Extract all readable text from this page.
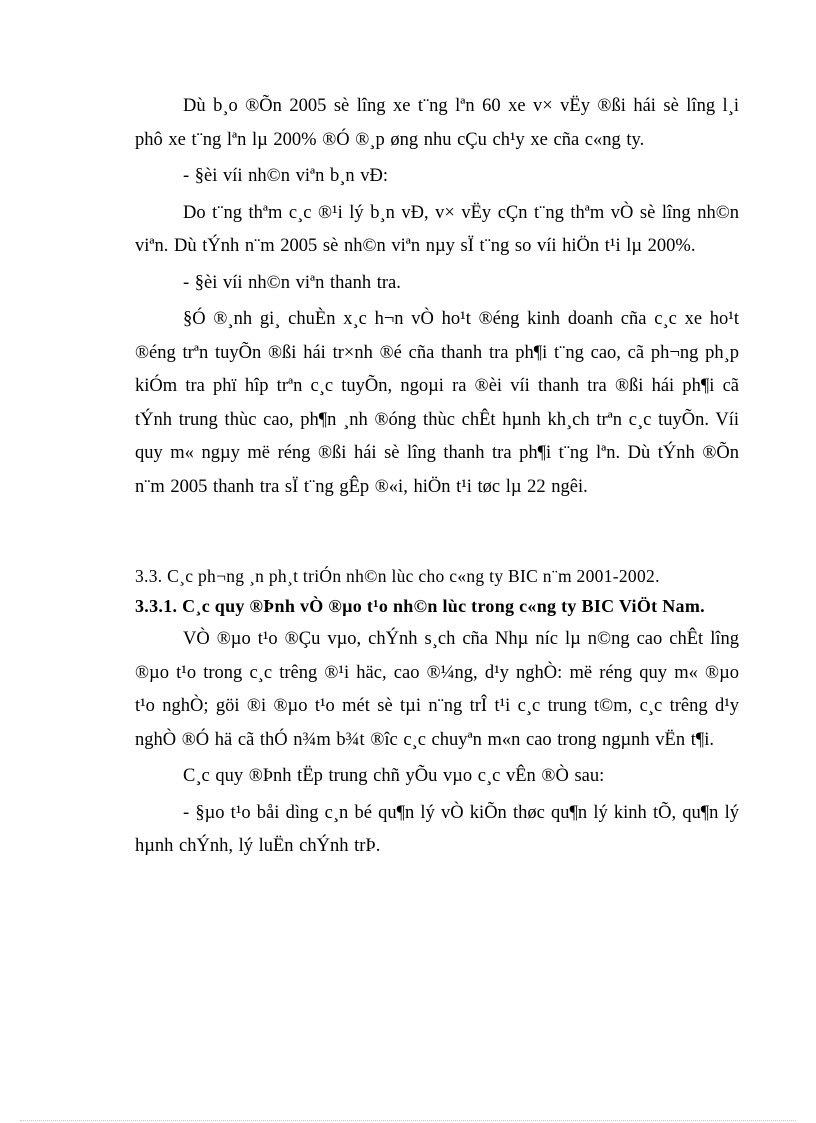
Dù b¸o ®Õn 2005 sè lîng xe t¨ng lªn 60 xe v× vËy ®ßi hái sè lîng l¸i phô xe t¨ng lªn lµ 200% ®Ó ®¸p øng nhu cÇu ch¹y xe cña c«ng ty.

- §èi víi nh©n viªn b¸n vÐ:

Do t¨ng thªm c¸c ®¹i lý b¸n vÐ, v× vËy cÇn t¨ng thªm vÒ sè lîng nh©n viªn. Dù tÝnh n¨m 2005 sè nh©n viªn nµy sÏ t¨ng so víi hiÖn t¹i lµ 200%.

- §èi víi nh©n viªn thanh tra.

§Ó ®¸nh gi¸ chuÈn x¸c h¬n vÒ ho¹t ®éng kinh doanh cña c¸c xe ho¹t ®éng trªn tuyÕn ®ßi hái tr×nh ®é cña thanh tra ph¶i t¨ng cao, cã ph¬ng ph¸p kiÓm tra phï hîp trªn c¸c tuyÕn, ngoµi ra ®èi víi thanh tra ®ßi hái ph¶i cã tÝnh trung thùc cao, ph¶n ¸nh ®óng thùc chÊt hµnh kh¸ch trªn c¸c tuyÕn. Víi quy m« ngµy më réng ®ßi hái sè lîng thanh tra ph¶i t¨ng lªn. Dù tÝnh ®Õn n¨m 2005 thanh tra sÏ t¨ng gÊp ®«i, hiÖn t¹i tøc lµ 22 ngêi.

3.3. C¸c ph¬ng ¸n ph¸t triÓn nh©n lùc cho c«ng ty BIC n¨m 2001-2002.

3.3.1. C¸c quy ®Þnh vÒ ®µo t¹o nh©n lùc trong c«ng ty BIC ViÖt Nam.

VÒ ®µo t¹o ®Çu vµo, chÝnh s¸ch cña Nhµ níc lµ n©ng cao chÊt lîng ®µo t¹o trong c¸c trêng ®¹i häc, cao ®¼ng, d¹y nghÒ: më réng quy m« ®µo t¹o nghÒ; göi ®i ®µo t¹o mét sè tµi n¨ng trÎ t¹i c¸c trung t©m, c¸c trêng d¹y nghÒ ®Ó hä cã thÓ n¾m b¾t ®îc c¸c chuyªn m«n cao trong ngµnh vËn t¶i.

C¸c quy ®Þnh tËp trung chñ yÕu vµo c¸c vÊn ®Ò sau:

- §µo t¹o båi dìng c¸n bé qu¶n lý vÒ kiÕn thøc qu¶n lý kinh tÕ, qu¶n lý hµnh chÝnh, lý luËn chÝnh trÞ.
